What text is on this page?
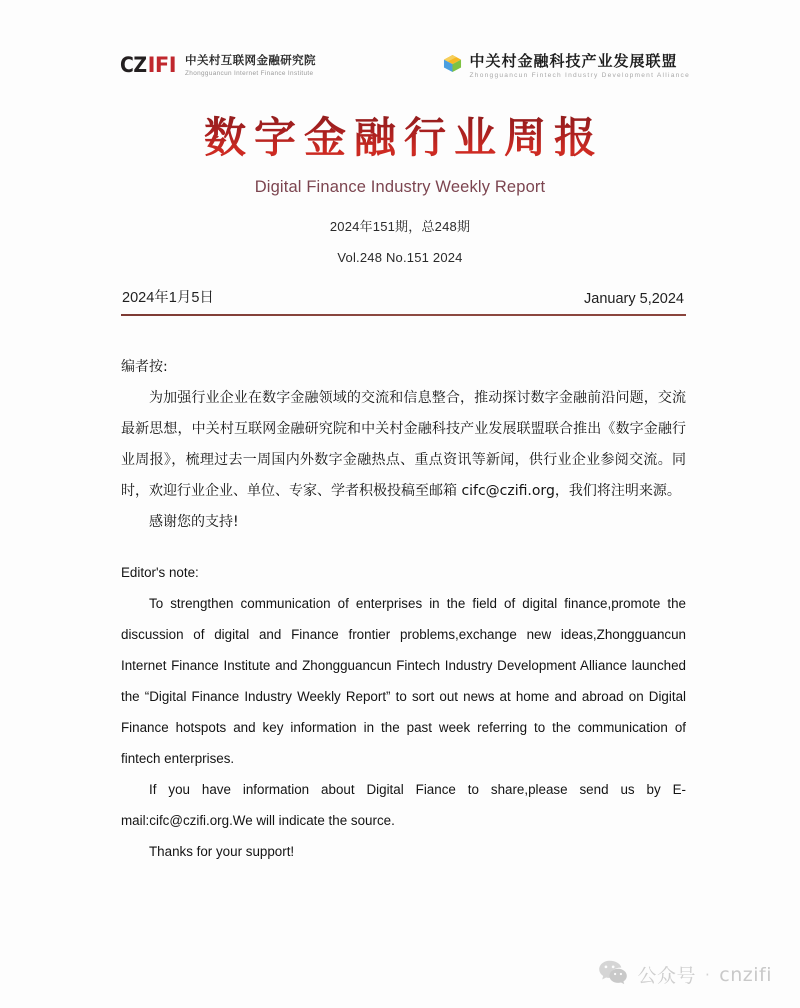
CZ IFI 中关村互联网金融研究院
Zhongguancun Internet Finance Institute
中关村金融科技产业发展联盟
Zhongguancun Fintech Industry Development Alliance
数字金融行业周报

Digital Finance Industry Weekly Report

2024年151期，总248期

Vol.248 No.151 2024

2024年1月5日	January 5,2024

编者按:

为加强行业企业在数字金融领域的交流和信息整合，推动探讨数字金融前沿问题，交流最新思想，中关村互联网金融研究院和中关村金融科技产业发展联盟联合推出《数字金融行业周报》，梳理过去一周国内外数字金融热点、重点资讯等新闻，供行业企业参阅交流。同时，欢迎行业企业、单位、专家、学者积极投稿至邮箱 cifc@czifi.org，我们将注明来源。

感谢您的支持!

Editor's note:

To strengthen communication of enterprises in the field of digital finance,promote the discussion of digital and Finance frontier problems,exchange new ideas,Zhongguancun Internet Finance Institute and Zhongguancun Fintech Industry Development Alliance launched the “Digital Finance Industry Weekly Report” to sort out news at home and abroad on Digital Finance hotspots and key information in the past week referring to the communication of fintech enterprises.

If you have information about Digital Fiance to share,please send us by E-mail:cifc@czifi.org.We will indicate the source.

Thanks for your support!

公众号 · cnzifi
